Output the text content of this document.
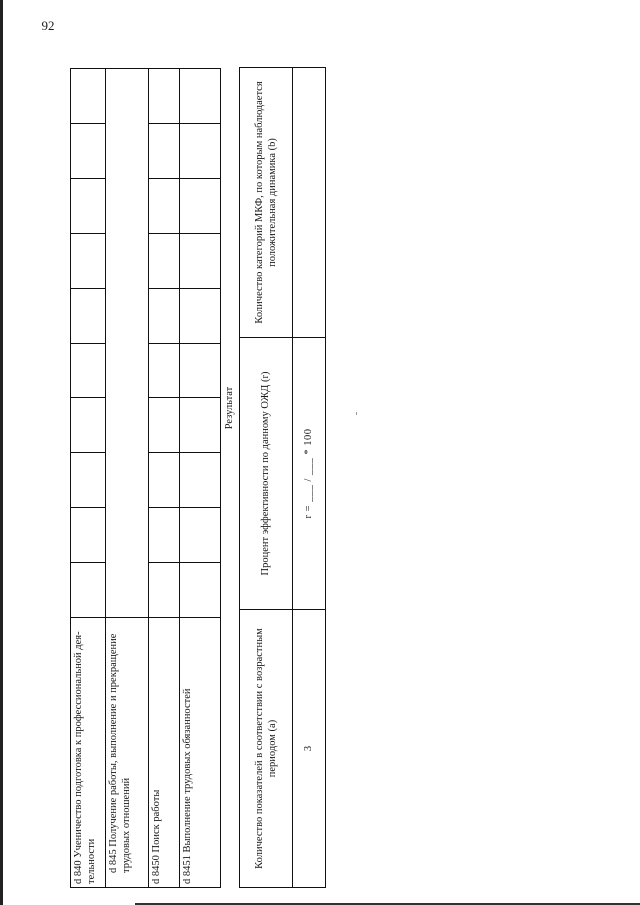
d 840 Ученичество подготовка к профессиональной дея-тельности										
d 845 Получение работы, выполнение и прекращение трудовых отношений										
d 8450 Поиск работы										
d 8451 Выполнение трудовых обязанностей										
Результат
Количество показателей в соответствии с возрастным периодом (a)	Процент эффективности по данному ОЖД (r)	Количество категорий МКФ, по которым наблюдается положительная динамика (b)
3	r = ___ / ___ * 100	
92
